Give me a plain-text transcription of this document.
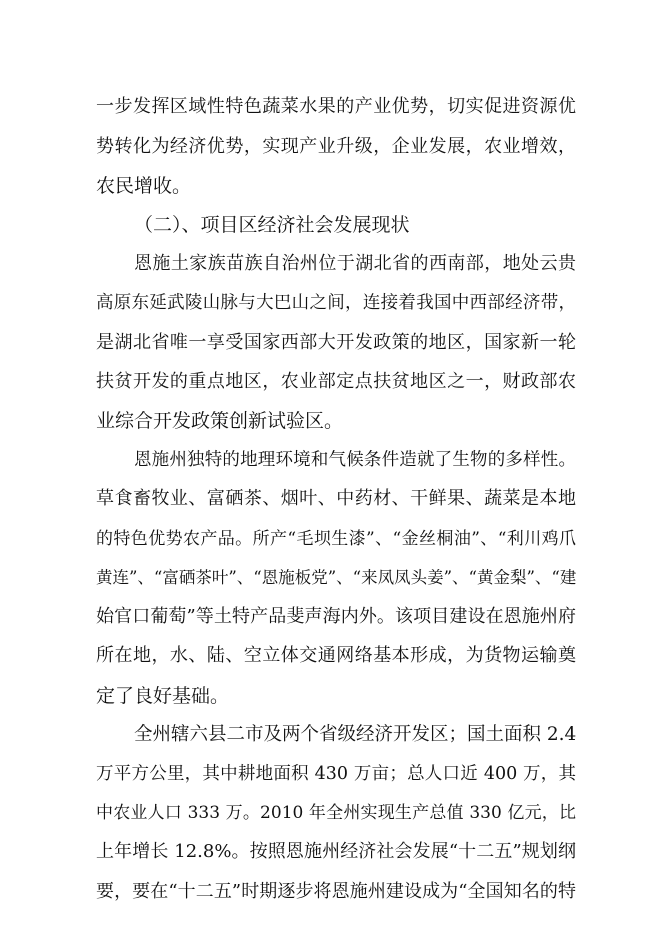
一步发挥区域性特色蔬菜水果的产业优势，切实促进资源优
势转化为经济优势，实现产业升级，企业发展，农业增效，
农民增收。
（二）、项目区经济社会发展现状
恩施土家族苗族自治州位于湖北省的西南部，地处云贵
高原东延武陵山脉与大巴山之间，连接着我国中西部经济带，
是湖北省唯一享受国家西部大开发政策的地区，国家新一轮
扶贫开发的重点地区，农业部定点扶贫地区之一，财政部农
业综合开发政策创新试验区。
恩施州独特的地理环境和气候条件造就了生物的多样性。
草食畜牧业、富硒茶、烟叶、中药材、干鲜果、蔬菜是本地
的特色优势农产品。所产“毛坝生漆”、“金丝桐油”、“利川鸡爪
黄连”、“富硒茶叶”、“恩施板党”、“来凤凤头姜”、“黄金梨”、“建
始官口葡萄”等土特产品斐声海内外。该项目建设在恩施州府
所在地，水、陆、空立体交通网络基本形成，为货物运输奠
定了良好基础。
全州辖六县二市及两个省级经济开发区；国土面积 2.4
万平方公里，其中耕地面积 430 万亩；总人口近 400 万，其
中农业人口 333 万。2010 年全州实现生产总值 330 亿元，比
上年增长 12.8%。按照恩施州经济社会发展“十二五”规划纲
要，要在“十二五”时期逐步将恩施州建设成为“全国知名的特
